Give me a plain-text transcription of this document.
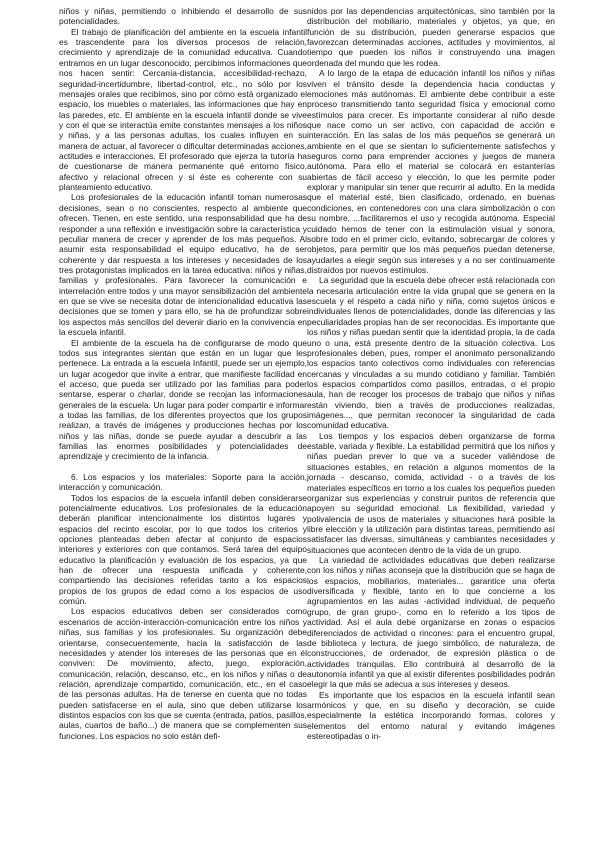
niños y niñas, permitiendo o inhibiendo el desarrollo de sus potencialidades.

El trabajo de planificación del ambiente en la escuela infantil es trascendente para los diversos procesos de relación, crecimiento y aprendizaje de la comunidad educativa. Cuando entramos en un lugar desconocido, percibimos informaciones que nos hacen sentir: Cercanía-distancia, accesibilidad-rechazo, seguridad-incertidumbre, libertad-control, etc., no sólo por los mensajes orales que recibimos, sino por cómo está organizado el espacio, los muebles o materiales, las informaciones que hay en las paredes, etc. El ambiente en la escuela infantil donde se vive y con el que se interactúa emite constantes mensajes a los niños y niñas, y a las personas adultas, los cuales influyen en su manera de actuar, al favorecer o dificultar determinadas acciones, actitudes e interacciones. El profesorado que ejerza la tutoría ha de cuestionarse de manera permanente qué entorno físico, afectivo y relacional ofrecen y si éste es coherente con su planteamiento educativo.

Los profesionales de la educación infantil toman numerosas decisiones, sean o no conscientes, respecto al ambiente que ofrecen. Tienen, en este sentido, una responsabilidad que ha de responder a una reflexión e investigación sobre la característica y peculiar manera de crecer y aprender de los más pequeños. Al asumir esta responsabilidad el equipo educativo, ha de ser coherente y dar respuesta a los intereses y necesidades de los tres protagonistas implicados en la tarea educativa: niños y niñas, familias y profesionales. Para favorecer la comunicación e interrelación entre todos y una mayor sensibilización del ambiente en que se vive se necesita dotar de intencionalidad educativa las decisiones que se tomen y para ello, se ha de profundizar sobre los aspectos más sencillos del devenir diario en la convivencia en la escuela infantil.

El ambiente de la escuela ha de configurarse de modo que todos sus integrantes sientan que están en un lugar que les pertenece. La entrada a la escuela Infantil, puede ser un ejemplo, un lugar acogedor que invite a entrar, que manifieste facilidad en el acceso, que pueda ser utilizado por las familias para poder sentarse, esperar o charlar, donde se recojan las informaciones generales de la escuela. Un lugar para poder compartir e informar a todas las familias, de los diferentes proyectos que los grupos realizan, a través de imágenes y producciones hechas por los niños y las niñas, donde se puede ayudar a descubrir a las familias las enormes posibilidades y potencialidades de aprendizaje y crecimiento de la infancia.

6. Los espacios y los materiales: Soporte para la acción, interacción y comunicación.

Todos los espacios de la escuela infantil deben considerarse potencialmente educativos. Los profesionales de la educación deberán planificar intencionalmente los distintos lugares y espacios del recinto escolar, por lo que todos los criterios y opciones planteadas deben afectar al conjunto de espacios interiores y exteriores con que contamos. Será tarea del equipo educativo la planificación y evaluación de los espacios, ya que han de ofrecer una respuesta unificada y coherente, compartiendo las decisiones referidas tanto a los espacios propios de los grupos de edad como a los espacios de uso común.

Los espacios educativos deben ser considerados como escenarios de acción-interacción-comunicación entre los niños y niñas, sus familias y los profesionales. Su organización debe orientarse, consecuentemente, hacia la satisfacción de las necesidades y atender los intereses de las personas que en él conviven: De movimiento, afecto, juego, exploración, comunicación, relación, descanso, etc., en los niños y niñas o de relación, aprendizaje compartido, comunicación, etc., en el caso de las personas adultas. Ha de tenerse en cuenta que no todas pueden satisfacerse en el aula, sino que deben utilizarse los distintos espacios con los que se cuenta (entrada, patios, pasillos, aulas, cuartos de baño...) de manera que se complementen sus funciones. Los espacios no solo están defi-

nidos por las dependencias arquitectónicas, sino también por la distribución del mobiliario, materiales y objetos, ya que, en función de su distribución, pueden generarse espacios que favorezcan determinadas acciones, actitudes y movimientos, al tiempo que pueden los niños ir construyendo una imagen ordenada del mundo que les rodea.

A lo largo de la etapa de educación infantil los niños y niñas viven el tránsito desde la dependencia hacia conductas y emociones más autónomas. El ambiente debe contribuir a este proceso transmitiendo tanto seguridad física y emocional como estímulos para crecer. Es importante considerar al niño desde que nace como un ser activo, con capacidad de acción e interacción. En las salas de los más pequeños se generará un ambiente en el que se sientan lo suficientemente satisfechos y seguros como para emprender acciones y juegos de manera autónoma. Para ello el material se colocará en estanterías abiertas de fácil acceso y elección, lo que les permite poder explorar y manipular sin tener que recurrir al adulto. En la medida que el material esté, bien clasificado, ordenado, en buenas condiciones, en contenedores con una clara simbolización o con su nombre, ...facilitaremos el uso y recogida autónoma. Especial cuidado hemos de tener con la estimulación visual y sonora, sobre todo en el primer ciclo, evitando, sobrecargar de colores y objetos, para permitir que los más pequeños puedan detenerse, ayudarles a elegir según sus intereses y a no ser continuamente distraídos por nuevos estímulos.

La seguridad que la escuela debe ofrecer está relacionada con la necesaria articulación entre la vida grupal que se genera en la escuela y el respeto a cada niño y niña, como sujetos únicos e individuales llenos de potencialidades, donde las diferencias y las peculiaridades propias han de ser reconocidas. Es importante que los niños y niñas puedan sentir que la identidad propia, la de cada uno o una, está presente dentro de la situación colectiva. Los profesionales deben, pues, romper el anonimato personalizando los espacios tanto colectivos como individuales con referencias cercanas y vinculadas a su mundo cotidiano y familiar. También los espacios compartidos como pasillos, entradas, o el propio aula, han de recoger los procesos de trabajo que niños y niñas están viviendo, bien a través de producciones realizadas, imágenes..., que permitan reconocer la singularidad de cada comunidad educativa.

Los tiempos y los espacios deben organizarse de forma estable, variada y flexible. La estabilidad permitirá que los niños y niñas puedan prever lo que va a suceder valiéndose de situaciones estables, en relación a algunos momentos de la jornada - descanso, comida, actividad - o a través de los materiales específicos en torno a los cuales los pequeños pueden organizar sus experiencias y construir puntos de referencia que apoyen su seguridad emocional. La flexibilidad, variedad y polivalencia de usos de materiales y situaciones hará posible la libre elección y la utilización para distintas tareas, permitiendo así satisfacer las diversas, simultáneas y cambiantes necesidades y situaciones que acontecen dentro de la vida de un grupo.

La variedad de actividades educativas que deben realizarse con los niños y niñas aconseja que la distribución que se haga de los espacios, mobiliarios, materiales... garantice una oferta diversificada y flexible, tanto en lo que concierne a los agrupamientos en las aulas -actividad individual, de pequeño grupo, de gran grupo-, como en lo referido a los tipos de actividad. Así el aula debe organizarse en zonas o espacios diferenciados de actividad o rincones: para el encuentro grupal, de biblioteca y lectura, de juego simbólico, de naturaleza, de construcciones, de ordenador, de expresión plástica o de actividades tranquilas. Ello contribuirá al desarrollo de la autonomía infantil ya que al existir diferentes posibilidades podrán elegir la que más se adecua a sus intereses y deseos.

Es importante que los espacios en la escuela infantil sean armónicos y que, en su diseño y decoración, se cuide especialmente la estética incorporando formas, colores y elementos del entorno natural y evitando imágenes estereotipadas o in-
